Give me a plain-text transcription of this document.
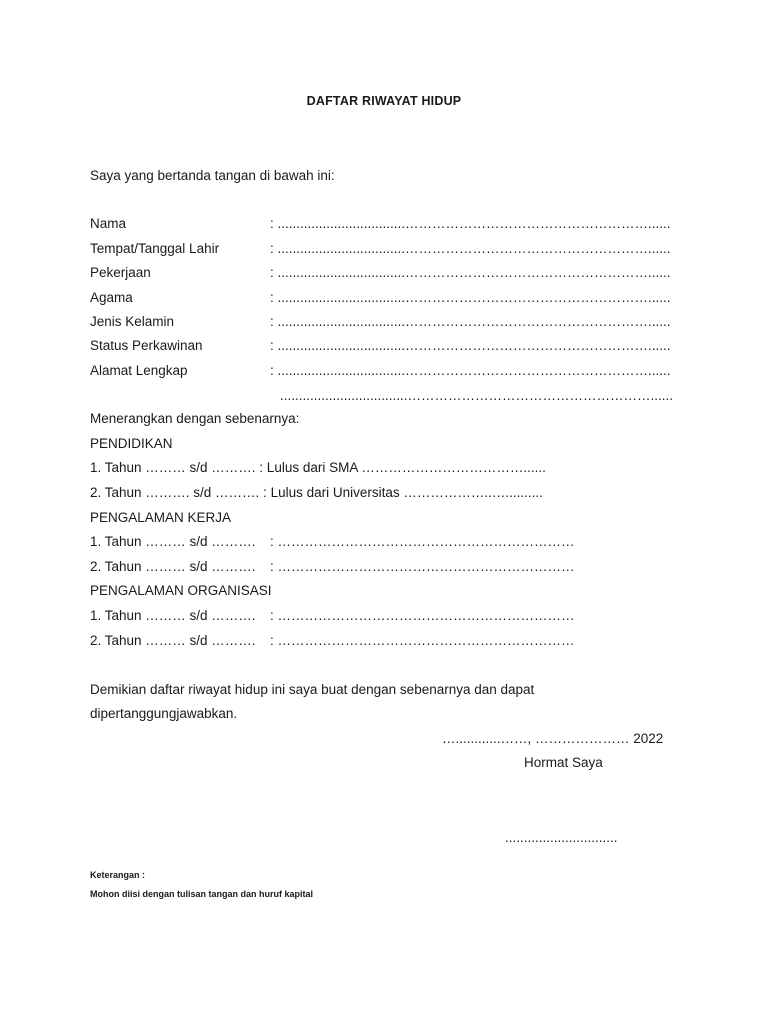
DAFTAR RIWAYAT HIDUP
Saya yang bertanda tangan di bawah ini:
Nama	: ..................................………………………………………………......
Tempat/Tanggal Lahir	: ..................................………………………………………………......
Pekerjaan	: ..................................………………………………………………......
Agama	: ..................................………………………………………………......
Jenis Kelamin	: ..................................………………………………………………......
Status Perkawinan	: ..................................………………………………………………......
Alamat Lengkap	: ..................................………………………………………………......
..................................………………………………………………......
Menerangkan dengan sebenarnya:
PENDIDIKAN
1. Tahun ……… s/d ………. : Lulus dari SMA ………………………………......
2. Tahun ………. s/d ………. : Lulus dari Universitas ………………..…..........
PENGALAMAN KERJA
1. Tahun ……… s/d ………. : …………………………………………………………
2. Tahun ……… s/d ………. : …………………………………………………………
PENGALAMAN ORGANISASI
1. Tahun ……… s/d ………. : …………………………………………………………
2. Tahun ……… s/d ………. : …………………………………………………………
Demikian daftar riwayat hidup ini saya buat dengan sebenarnya dan dapat
dipertanggungjawabkan.
…............……, ………………… 2022
Hormat Saya
..............................
Keterangan :
Mohon diisi dengan tulisan tangan dan huruf kapital
